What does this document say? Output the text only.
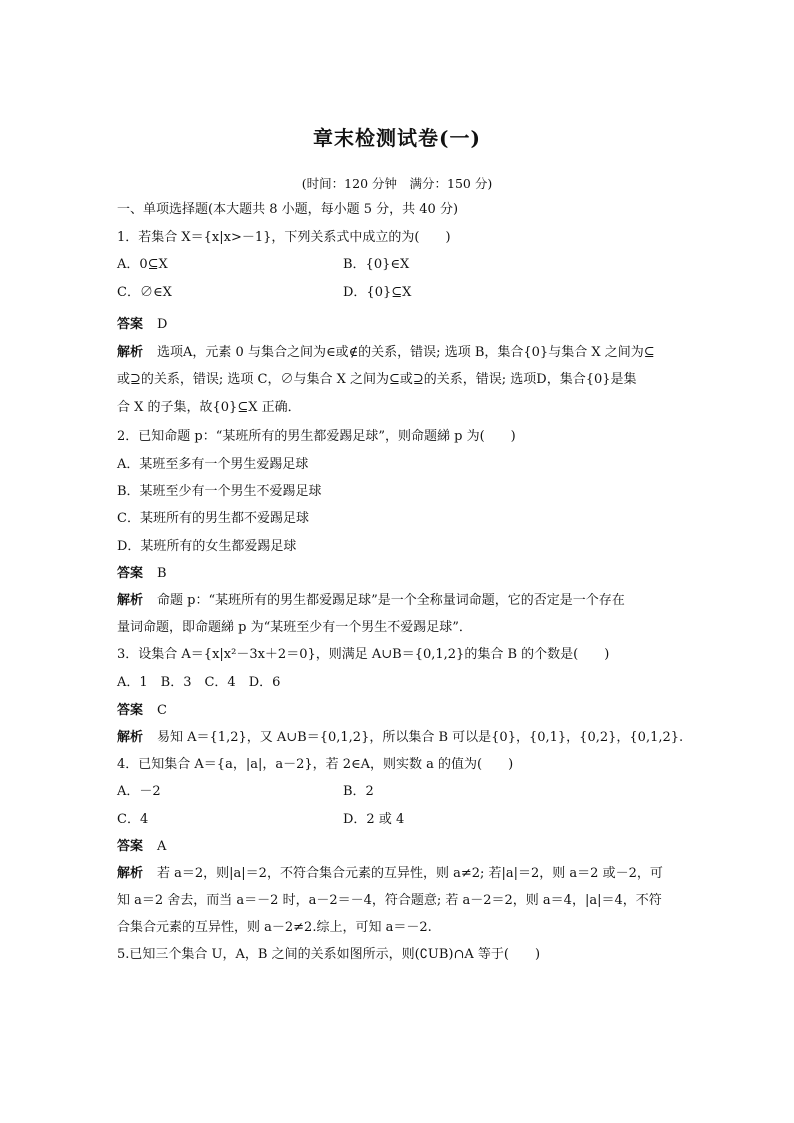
章末检测试卷(一)
(时间：120 分钟　满分：150 分)
一、单项选择题(本大题共 8 小题，每小题 5 分，共 40 分)
1．若集合 X＝{x|x>－1}，下列关系式中成立的为(　　)
A．0⊆X	B．{0}∈X
C．∅∈X	D．{0}⊆X
答案 D
解析 选项A，元素 0 与集合之间为∈或∉的关系，错误; 选项 B，集合{0}与集合 X 之间为⊆
或⊇的关系，错误; 选项 C，∅与集合 X 之间为⊆或⊇的关系，错误; 选项D，集合{0}是集
合 X 的子集，故{0}⊆X 正确．
2．已知命题 p：“某班所有的男生都爱踢足球”，则命题綈 p 为(　　)
A．某班至多有一个男生爱踢足球
B．某班至少有一个男生不爱踢足球
C．某班所有的男生都不爱踢足球
D．某班所有的女生都爱踢足球
答案 B
解析 命题 p：“某班所有的男生都爱踢足球”是一个全称量词命题，它的否定是一个存在
量词命题，即命题綈 p 为“某班至少有一个男生不爱踢足球”．
3．设集合 A＝{x|x²－3x＋2＝0}，则满足 A∪B＝{0,1,2}的集合 B 的个数是(　　)
A．1　B．3　C．4　D．6
答案 C
解析 易知 A＝{1,2}，又 A∪B＝{0,1,2}，所以集合 B 可以是{0}，{0,1}，{0,2}，{0,1,2}.
4．已知集合 A＝{a，|a|，a－2}，若 2∈A，则实数 a 的值为(　　)
A．－2	B．2
C．4	D．2 或 4
答案 A
解析 若 a＝2，则|a|＝2，不符合集合元素的互异性，则 a≠2; 若|a|＝2，则 a＝2 或－2，可
知 a＝2 舍去，而当 a＝－2 时，a－2＝－4，符合题意; 若 a－2＝2，则 a＝4，|a|＝4，不符
合集合元素的互异性，则 a－2≠2.综上，可知 a＝－2.
5.已知三个集合 U，A，B 之间的关系如图所示，则(∁UB)∩A 等于(　　)
